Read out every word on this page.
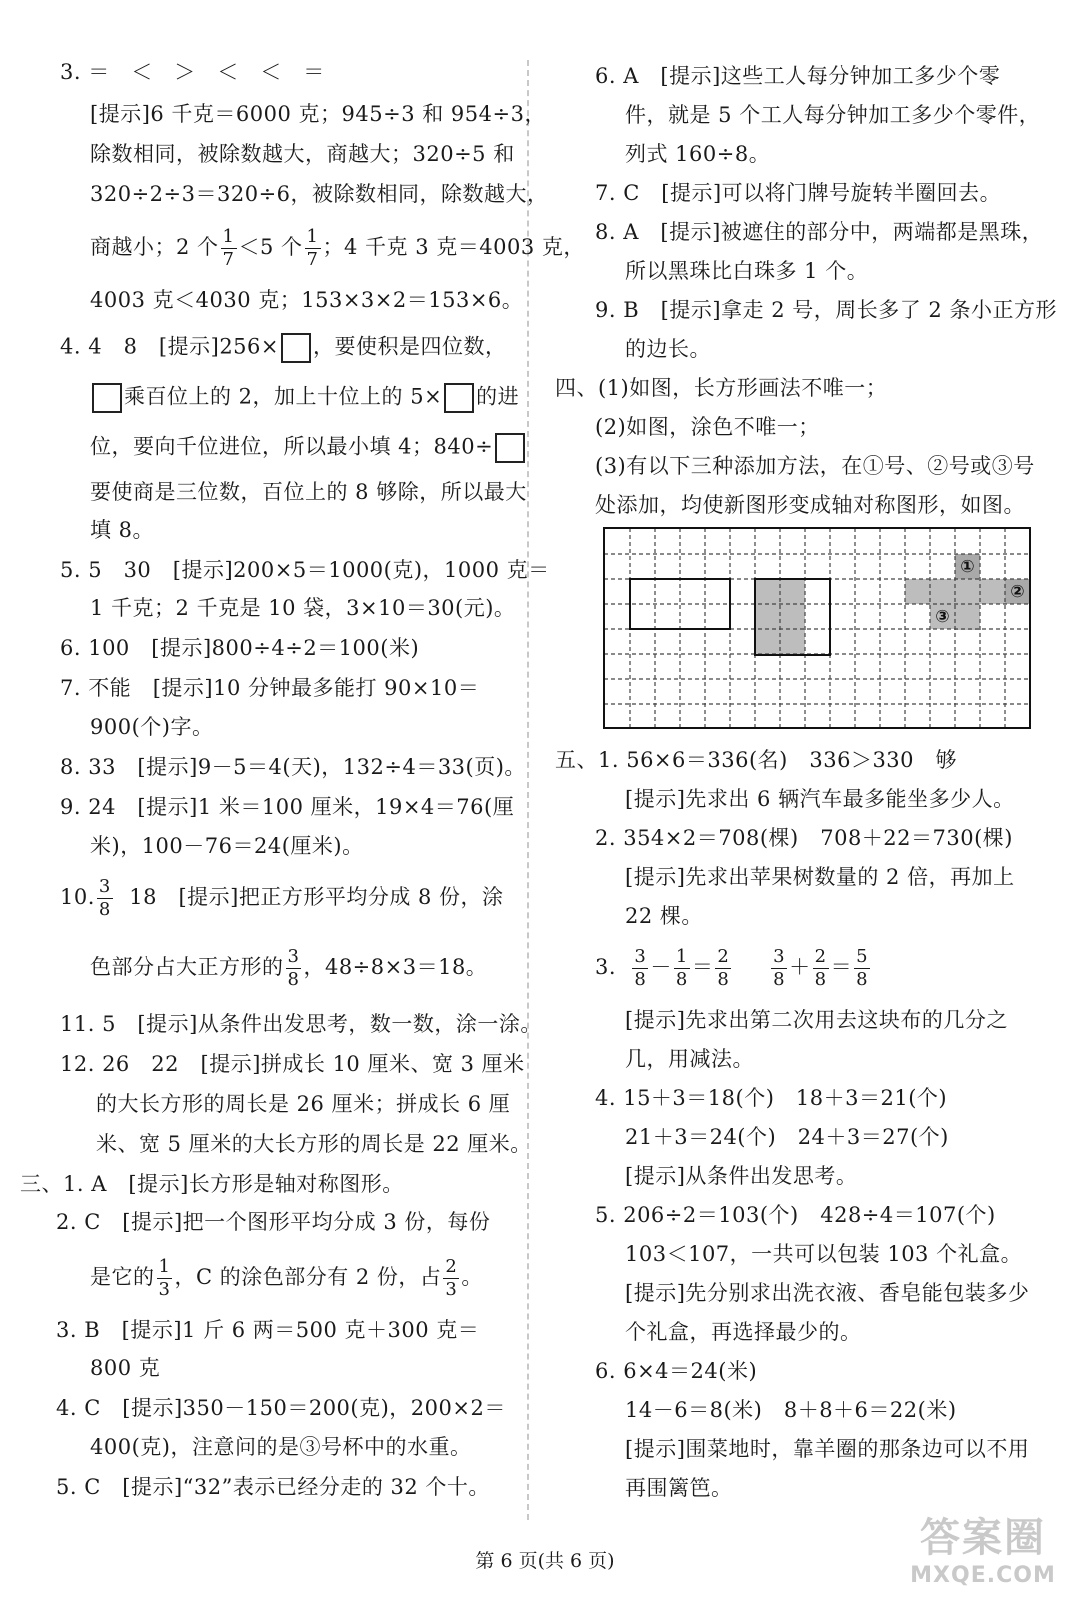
3. ＝　＜　＞　＜　＜　＝
[提示]6 千克＝6000 克；945÷3 和 954÷3，
除数相同，被除数越大，商越大；320÷5 和
320÷2÷3＝320÷6，被除数相同，除数越大，
商越小；2 个 $\frac{1}{7} <5$ 个 $\frac{1}{7}$ ；4 千克 3 克＝4003 克，
4003 克＜4030 克；153×3×2＝153×6。
4. 4　8　[提示]256× ，要使积是四位数，
乘百位上的 2，加上十位上的 5× 的进
位，要向千位进位，所以最小填 4；840÷
要使商是三位数，百位上的 8 够除，所以最大
填 8。
5. 5　30　[提示]200×5＝1000(克)，1000 克＝
1 千克；2 千克是 10 袋，3×10＝30(元)。
6. 100　[提示]800÷4÷2＝100(米)
7. 不能　[提示]10 分钟最多能打 90×10＝
900(个)字。
8. 33　[提示]9－5＝4(天)，132÷4＝33(页)。
9. 24　[提示]1 米＝100 厘米，19×4＝76(厘
米)，100－76＝24(厘米)。
10. $\frac{3}{8} 18$　[提示]把正方形平均分成 8 份，涂
色部分占大正方形的 $\frac{3}{8}$ ，48÷8×3＝18。
11. 5　[提示]从条件出发思考，数一数，涂一涂。
12. 26　22　[提示]拼成长 10 厘米、宽 3 厘米
的大长方形的周长是 26 厘米；拼成长 6 厘
米、宽 5 厘米的大长方形的周长是 22 厘米。
三、1. A　[提示]长方形是轴对称图形。
2. C　[提示]把一个图形平均分成 3 份，每份
是它的 $\frac{1}{3}$ ，C 的涂色部分有 2 份，占 $\frac{2}{3}$ 。
3. B　[提示]1 斤 6 两＝500 克＋300 克＝
800 克
4. C　[提示]350－150＝200(克)，200×2＝
400(克)，注意问的是③号杯中的水重。
5. C　[提示]“32”表示已经分走的 32 个十。
6. A　[提示]这些工人每分钟加工多少个零
件，就是 5 个工人每分钟加工多少个零件，
列式 160÷8。
7. C　[提示]可以将门牌号旋转半圈回去。
8. A　[提示]被遮住的部分中，两端都是黑珠，
所以黑珠比白珠多 1 个。
9. B　[提示]拿走 2 号，周长多了 2 条小正方形
的边长。
四、(1)如图，长方形画法不唯一；
(2)如图，涂色不唯一；
(3)有以下三种添加方法，在①号、②号或③号
处添加，均使新图形变成轴对称图形，如图。
①
②
③
五、1. 56×6＝336(名)　336＞330　够
[提示]先求出 6 辆汽车最多能坐多少人。
2. 354×2＝708(棵)　708＋22＝730(棵)
[提示]先求出苹果树数量的 2 倍，再加上
22 棵。
3. $\frac{3}{8} - \frac{1}{8} = \frac{2}{8}$
$\frac{3}{8} + \frac{2}{8} = \frac{5}{8}$
[提示]先求出第二次用去这块布的几分之
几，用减法。
4. 15＋3＝18(个)　18＋3＝21(个)
21＋3＝24(个)　24＋3＝27(个)
[提示]从条件出发思考。
5. 206÷2＝103(个)　428÷4＝107(个)
103＜107，一共可以包装 103 个礼盒。
[提示]先分别求出洗衣液、香皂能包装多少
个礼盒，再选择最少的。
6. 6×4＝24(米)
14－6＝8(米)　8＋8＋6＝22(米)
[提示]围菜地时，靠羊圈的那条边可以不用
再围篱笆。
第 6 页(共 6 页)	答案圈
MXQE.COM
